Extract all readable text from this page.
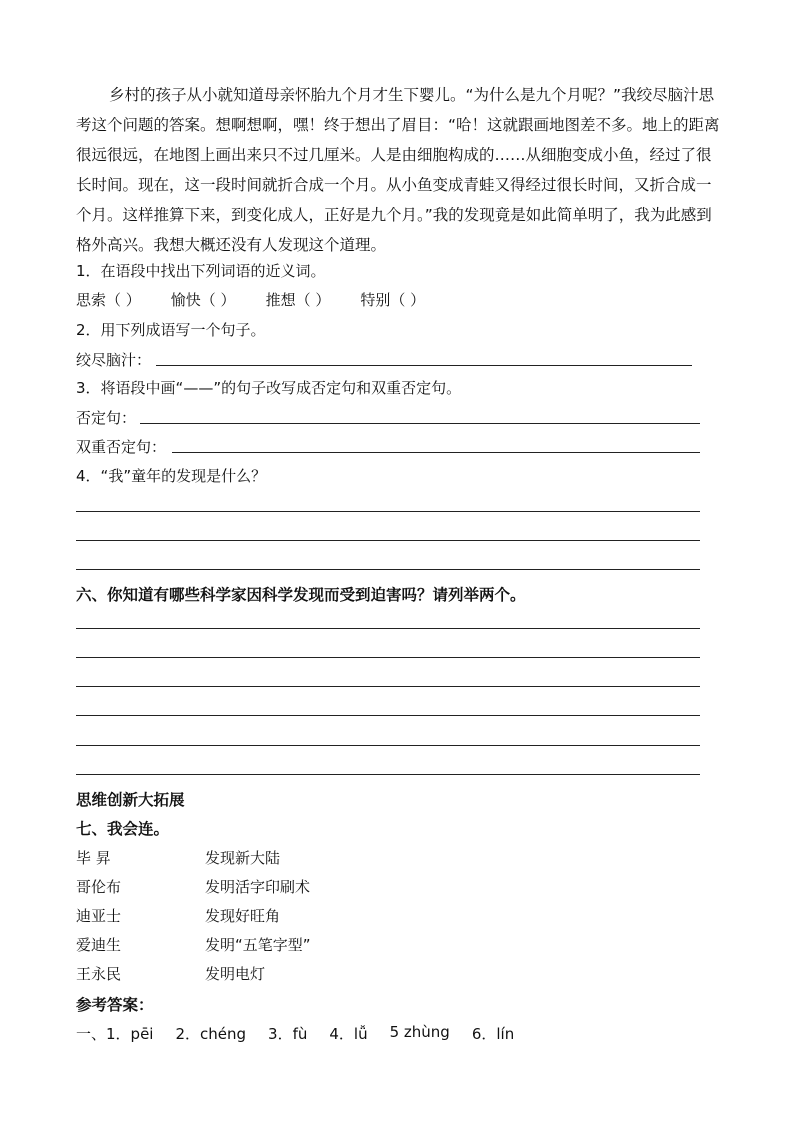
乡村的孩子从小就知道母亲怀胎九个月才生下婴儿。“为什么是九个月呢？”我绞尽脑汁思考这个问题的答案。想啊想啊，嘿！终于想出了眉目：“哈！这就跟画地图差不多。地上的距离很远很远，在地图上画出来只不过几厘米。人是由细胞构成的……从细胞变成小鱼，经过了很长时间。现在，这一段时间就折合成一个月。从小鱼变成青蛙又得经过很长时间，又折合成一个月。这样推算下来，到变化成人，正好是九个月。”我的发现竟是如此简单明了，我为此感到格外高兴。我想大概还没有人发现这个道理。

1．在语段中找出下列词语的近义词。
思索（ ） 愉快（ ） 推想（ ） 特别（ ）
2．用下列成语写一个句子。
绞尽脑汁：
3．将语段中画“——”的句子改写成否定句和双重否定句。
否定句：
双重否定句：
4．“我”童年的发现是什么？
六、你知道有哪些科学家因科学发现而受到迫害吗？请列举两个。
思维创新大拓展
七、我会连。
毕 昇	发现新大陆
哥伦布	发明活字印刷术
迪亚士	发现好旺角
爱迪生	发明“五笔字型”
王永民	发明电灯
参考答案：
一、1．pēi 2．chéng 3．fù 4．lǚ 5 zhùng 6．lín
